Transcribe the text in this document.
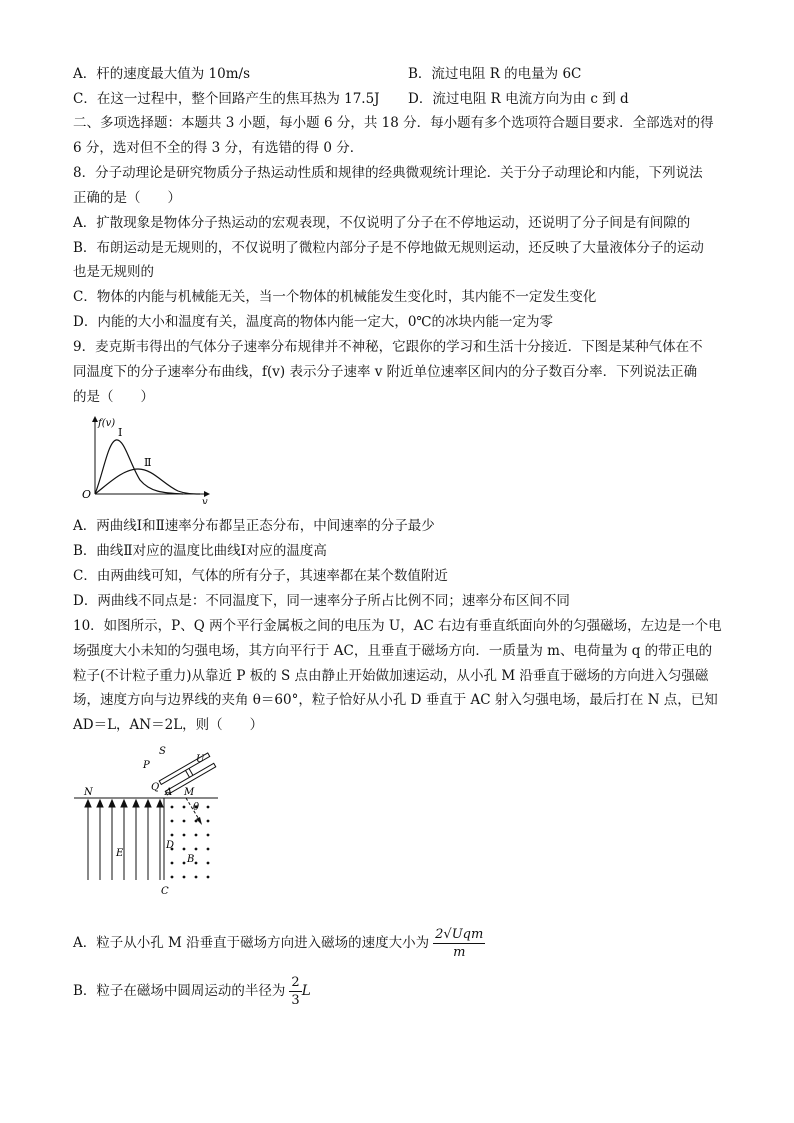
A．杆的速度最大值为 10m/s	B．流过电阻 R 的电量为 6C
C．在这一过程中，整个回路产生的焦耳热为 17.5J D．流过电阻 R 电流方向为由 c 到 d
二、多项选择题：本题共 3 小题，每小题 6 分，共 18 分．每小题有多个选项符合题目要求．全部选对的得
6 分，选对但不全的得 3 分，有选错的得 0 分．
8．分子动理论是研究物质分子热运动性质和规律的经典微观统计理论．关于分子动理论和内能，下列说法
正确的是（　　）
A．扩散现象是物体分子热运动的宏观表现，不仅说明了分子在不停地运动，还说明了分子间是有间隙的
B．布朗运动是无规则的，不仅说明了微粒内部分子是不停地做无规则运动，还反映了大量液体分子的运动
也是无规则的
C．物体的内能与机械能无关，当一个物体的机械能发生变化时，其内能不一定发生变化
D．内能的大小和温度有关，温度高的物体内能一定大，0℃的冰块内能一定为零
9．麦克斯韦得出的气体分子速率分布规律并不神秘，它跟你的学习和生活十分接近．下图是某种气体在不
同温度下的分子速率分布曲线，f(v) 表示分子速率 v 附近单位速率区间内的分子数百分率．下列说法正确
的是（　　）
f(v)
v
O
Ⅰ
Ⅱ
A．两曲线Ⅰ和Ⅱ速率分布都呈正态分布，中间速率的分子最少
B．曲线Ⅱ对应的温度比曲线Ⅰ对应的温度高
C．由两曲线可知，气体的所有分子，其速率都在某个数值附近
D．两曲线不同点是：不同温度下，同一速率分子所占比例不同；速率分布区间不同
10．如图所示，P、Q 两个平行金属板之间的电压为 U，AC 右边有垂直纸面向外的匀强磁场，左边是一个电
场强度大小未知的匀强电场，其方向平行于 AC，且垂直于磁场方向．一质量为 m、电荷量为 q 的带正电的
粒子(不计粒子重力)从靠近 P 板的 S 点由静止开始做加速运动，从小孔 M 沿垂直于磁场的方向进入匀强磁
场，速度方向与边界线的夹角 θ＝60°，粒子恰好从小孔 D 垂直于 AC 射入匀强电场，最后打在 N 点，已知
AD＝L，AN＝2L，则（　　）
S
P
U
Q A M
θ
N
E
D
B
C
A．粒子从小孔 M 沿垂直于磁场方向进入磁场的速度大小为 $\frac{\text{2√Uqm}}{m}$
B．粒子在磁场中圆周运动的半径为 $\frac{2}{3}$ L
